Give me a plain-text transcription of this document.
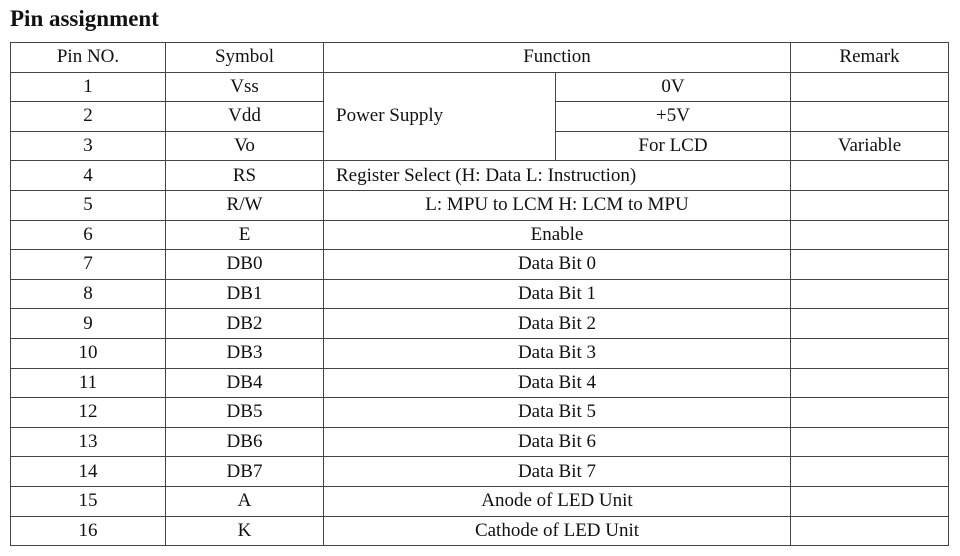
Pin assignment
Pin NO.	Symbol	Function		Remark
1	Vss	Power Supply	0V	
2	Vdd		+5V	
3	Vo		For LCD	Variable
4	RS	Register Select (H: Data L: Instruction)		
5	R/W	L: MPU to LCM H: LCM to MPU		
6	E	Enable		
7	DB0	Data Bit 0		
8	DB1	Data Bit 1		
9	DB2	Data Bit 2		
10	DB3	Data Bit 3		
11	DB4	Data Bit 4		
12	DB5	Data Bit 5		
13	DB6	Data Bit 6		
14	DB7	Data Bit 7		
15	A	Anode of LED Unit		
16	K	Cathode of LED Unit		
